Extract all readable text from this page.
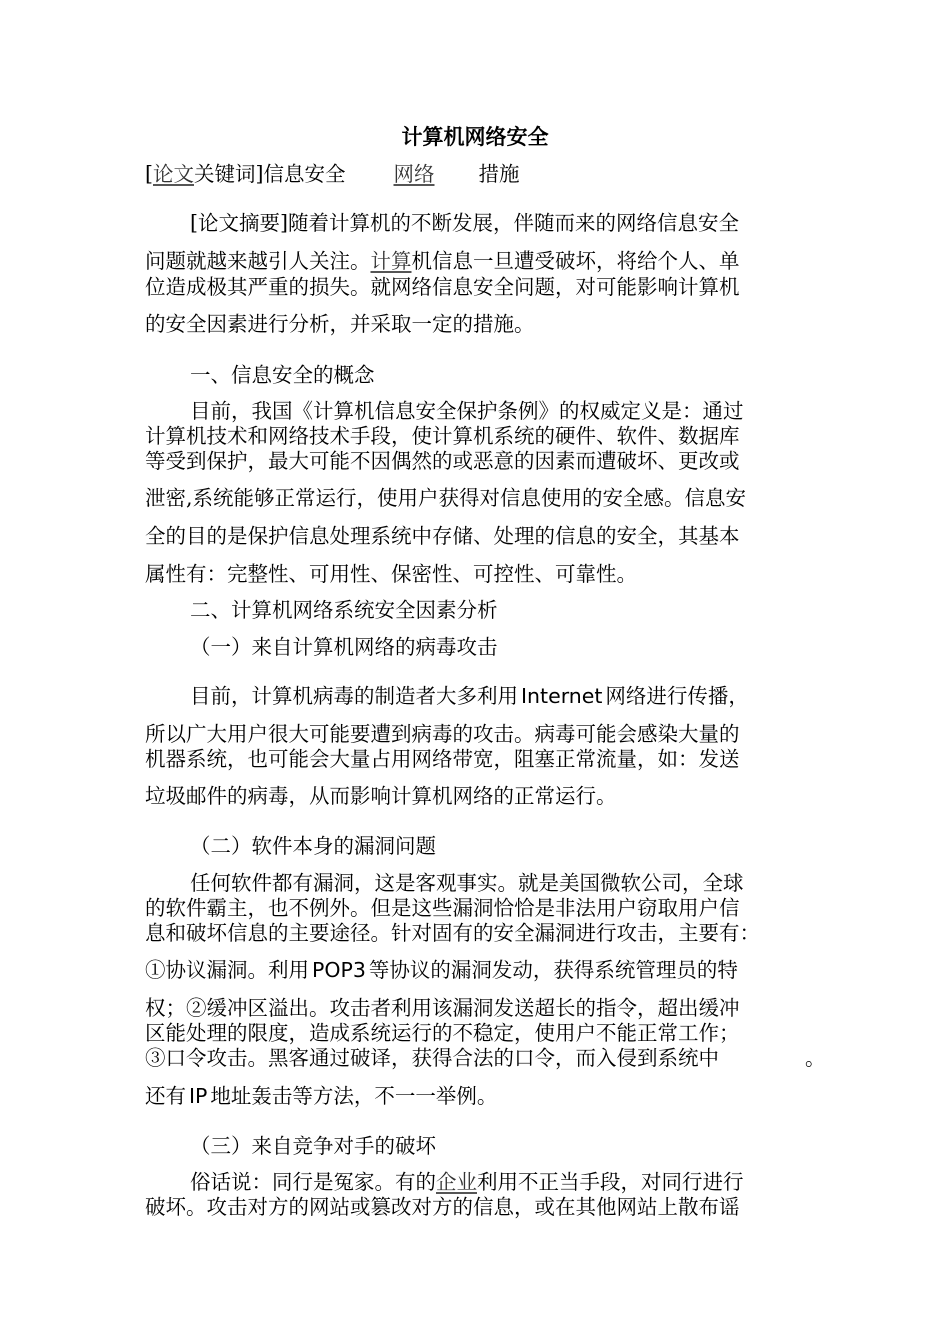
计算机网络安全
[论文关键词]信息安全 网络 措施
[论文摘要]随着计算机的不断发展，伴随而来的网络信息安全
问题就越来越引人关注。计算机信息一旦遭受破坏，将给个人、单
位造成极其严重的损失。就网络信息安全问题，对可能影响计算机
的安全因素进行分析，并采取一定的措施。
一、信息安全的概念
目前，我国《计算机信息安全保护条例》的权威定义是：通过
计算机技术和网络技术手段，使计算机系统的硬件、软件、数据库
等受到保护，最大可能不因偶然的或恶意的因素而遭破坏、更改或
泄密,系统能够正常运行，使用户获得对信息使用的安全感。信息安
全的目的是保护信息处理系统中存储、处理的信息的安全，其基本
属性有：完整性、可用性、保密性、可控性、可靠性。
二、计算机网络系统安全因素分析
（一）来自计算机网络的病毒攻击
目前，计算机病毒的制造者大多利用 Internet 网络进行传播，
所以广大用户很大可能要遭到病毒的攻击。病毒可能会感染大量的
机器系统，也可能会大量占用网络带宽，阻塞正常流量，如：发送
垃圾邮件的病毒，从而影响计算机网络的正常运行。
（二）软件本身的漏洞问题
任何软件都有漏洞，这是客观事实。就是美国微软公司，全球
的软件霸主，也不例外。但是这些漏洞恰恰是非法用户窃取用户信
息和破坏信息的主要途径。针对固有的安全漏洞进行攻击，主要有：
①协议漏洞。利用 POP3 等协议的漏洞发动，获得系统管理员的特
权；②缓冲区溢出。攻击者利用该漏洞发送超长的指令，超出缓冲
区能处理的限度，造成系统运行的不稳定，使用户不能正常工作；
③口令攻击。黑客通过破译，获得合法的口令，而入侵到系统中	。
还有 IP 地址轰击等方法，不一一举例。
（三）来自竞争对手的破坏
俗话说：同行是冤家。有的企业利用不正当手段，对同行进行
破坏。攻击对方的网站或篡改对方的信息，或在其他网站上散布谣
